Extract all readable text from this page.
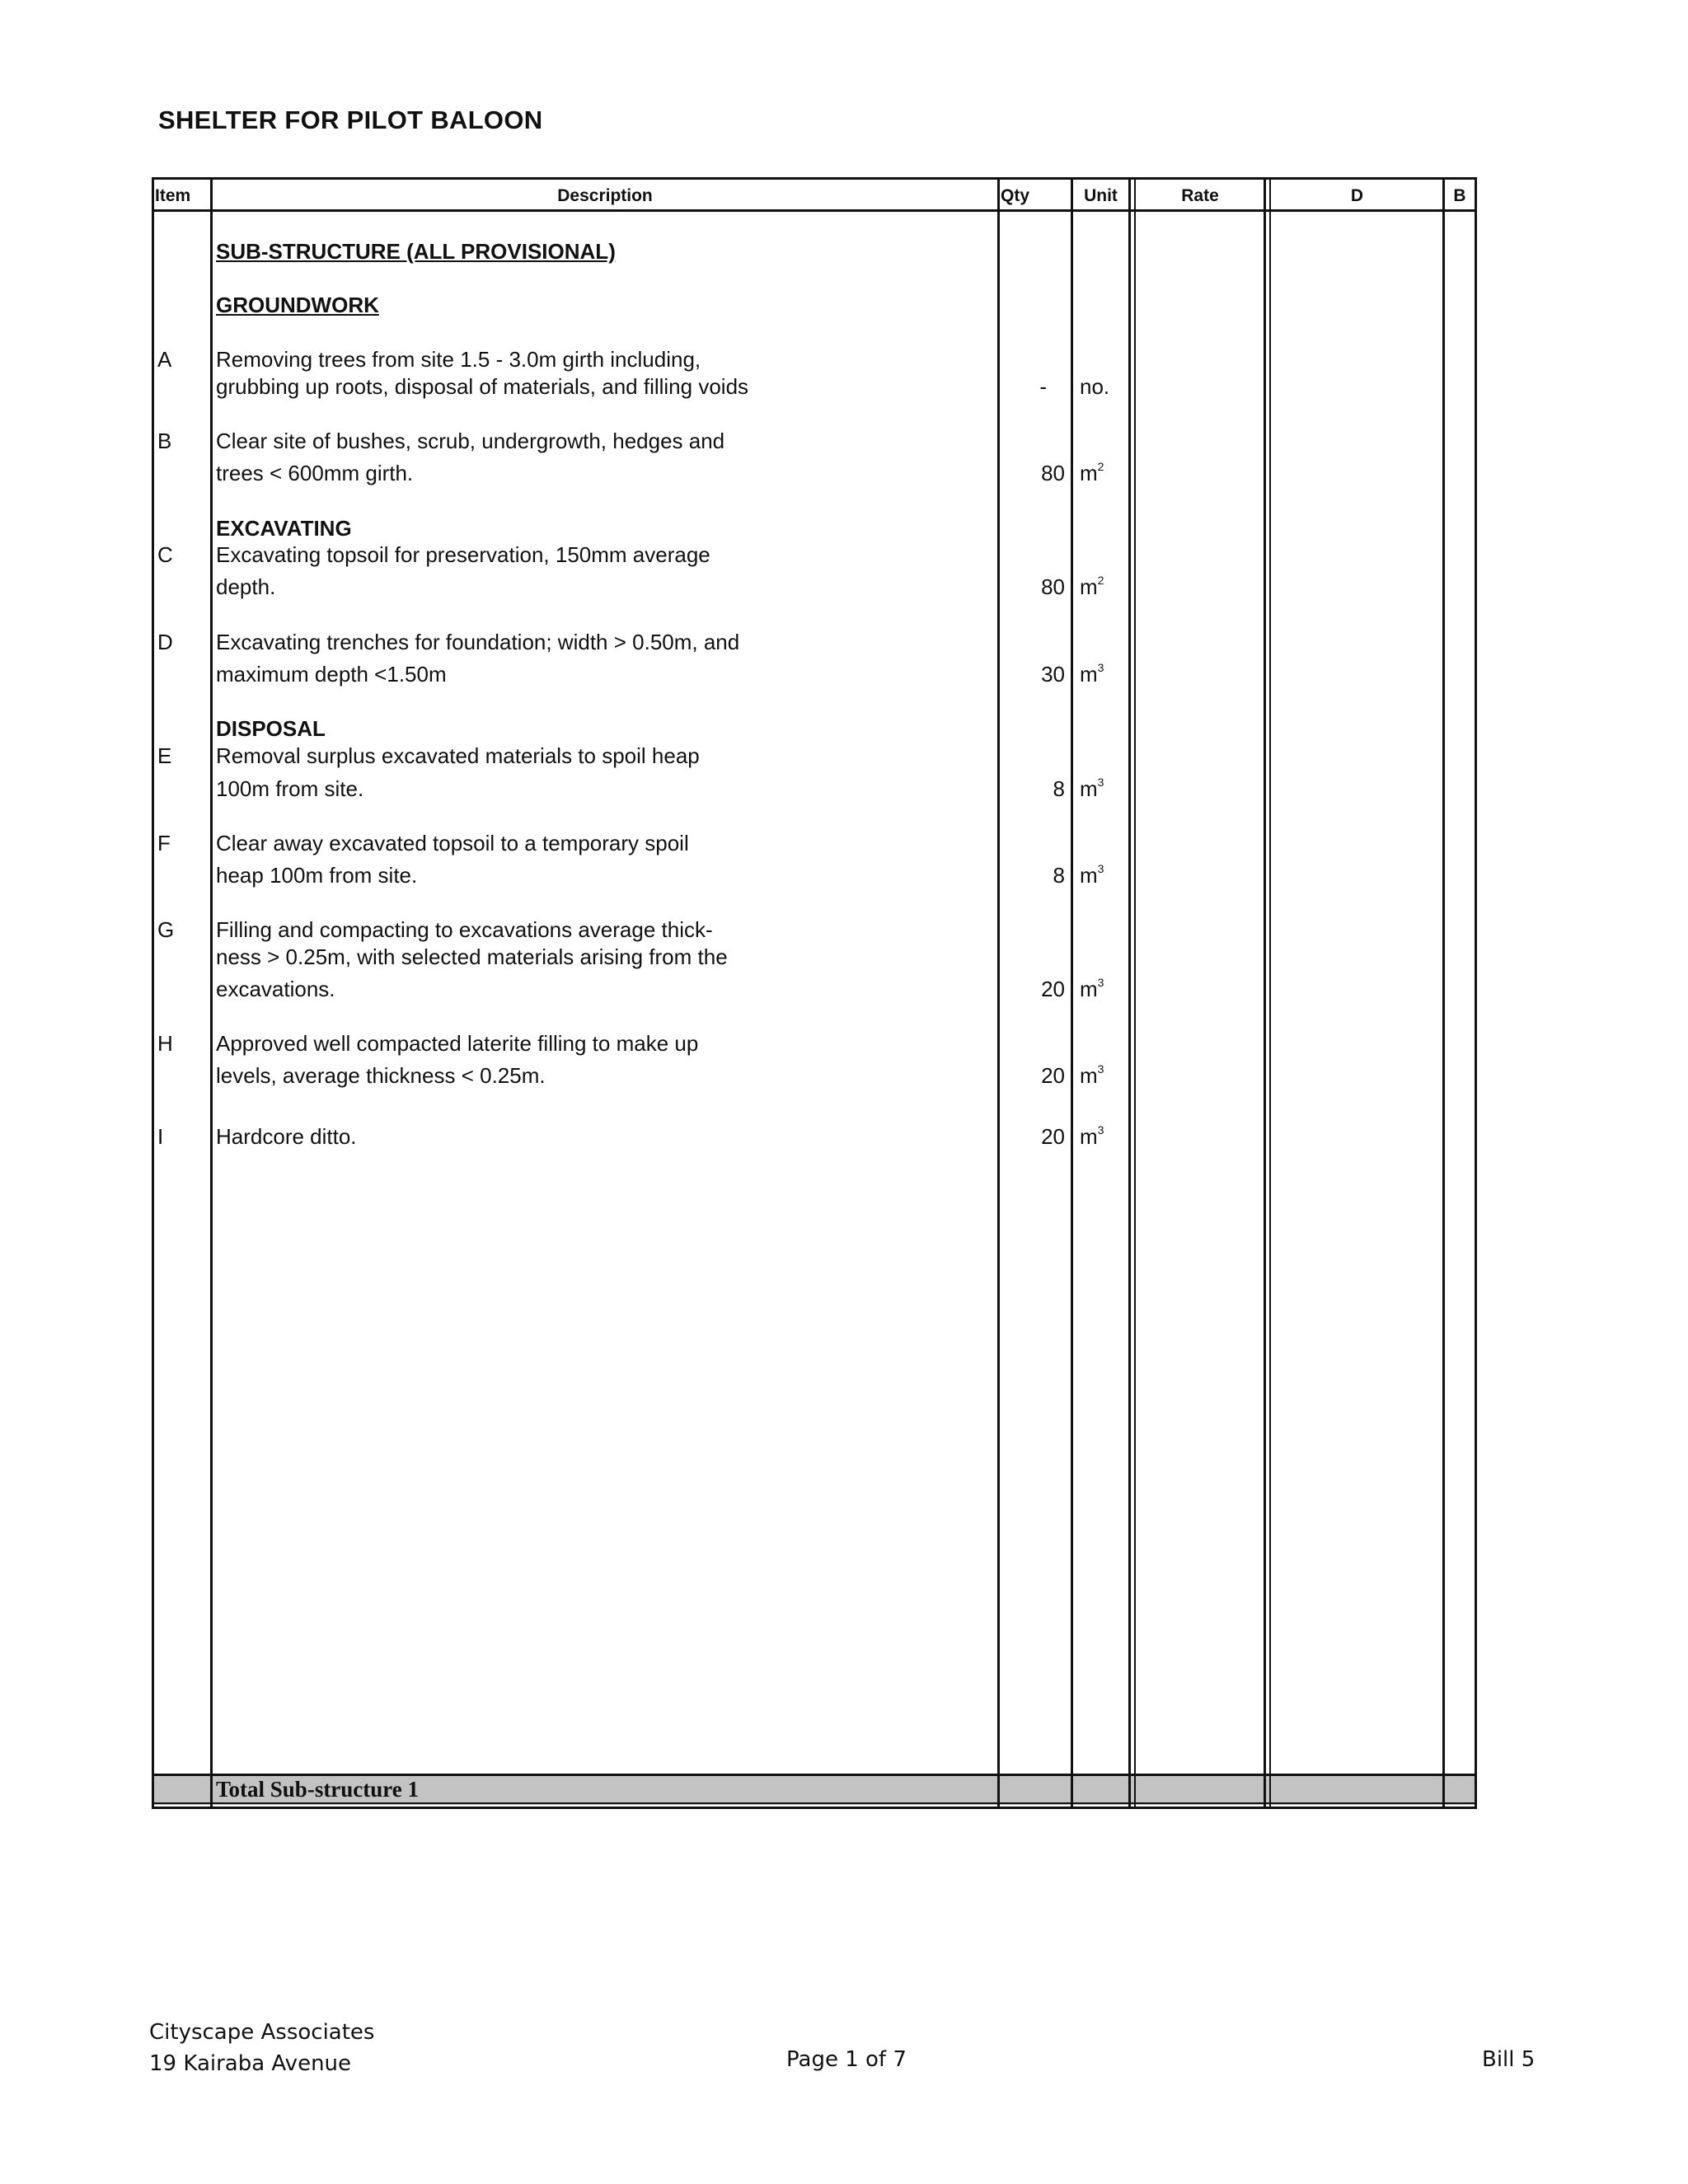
SHELTER FOR PILOT BALOON
Item	Description	Qty	Unit	Rate	D	B
SUB-STRUCTURE (ALL PROVISIONAL)
GROUNDWORK
EXCAVATING
DISPOSAL
A Removing trees from site 1.5 - 3.0m girth including,
grubbing up roots, disposal of materials, and filling voids	- no.
B Clear site of bushes, scrub, undergrowth, hedges and
trees < 600mm girth.	80 $m^2$
C Excavating topsoil for preservation, 150mm average
depth.	80 $m^2$
D Excavating trenches for foundation; width > 0.50m, and
maximum depth <1.50m	30 $m^3$
E Removal surplus excavated materials to spoil heap
100m from site.	8 $m^3$
F Clear away excavated topsoil to a temporary spoil
heap 100m from site.	8 $m^3$
G Filling and compacting to excavations average thick-
ness > 0.25m, with selected materials arising from the
excavations.	20 $m^3$
H Approved well compacted laterite filling to make up
levels, average thickness < 0.25m.	20 $m^3$
I Hardcore ditto.	20 $m^3$
Total Sub-structure 1
Cityscape Associates
19 Kairaba Avenue	Page 1 of 7	Bill 5
